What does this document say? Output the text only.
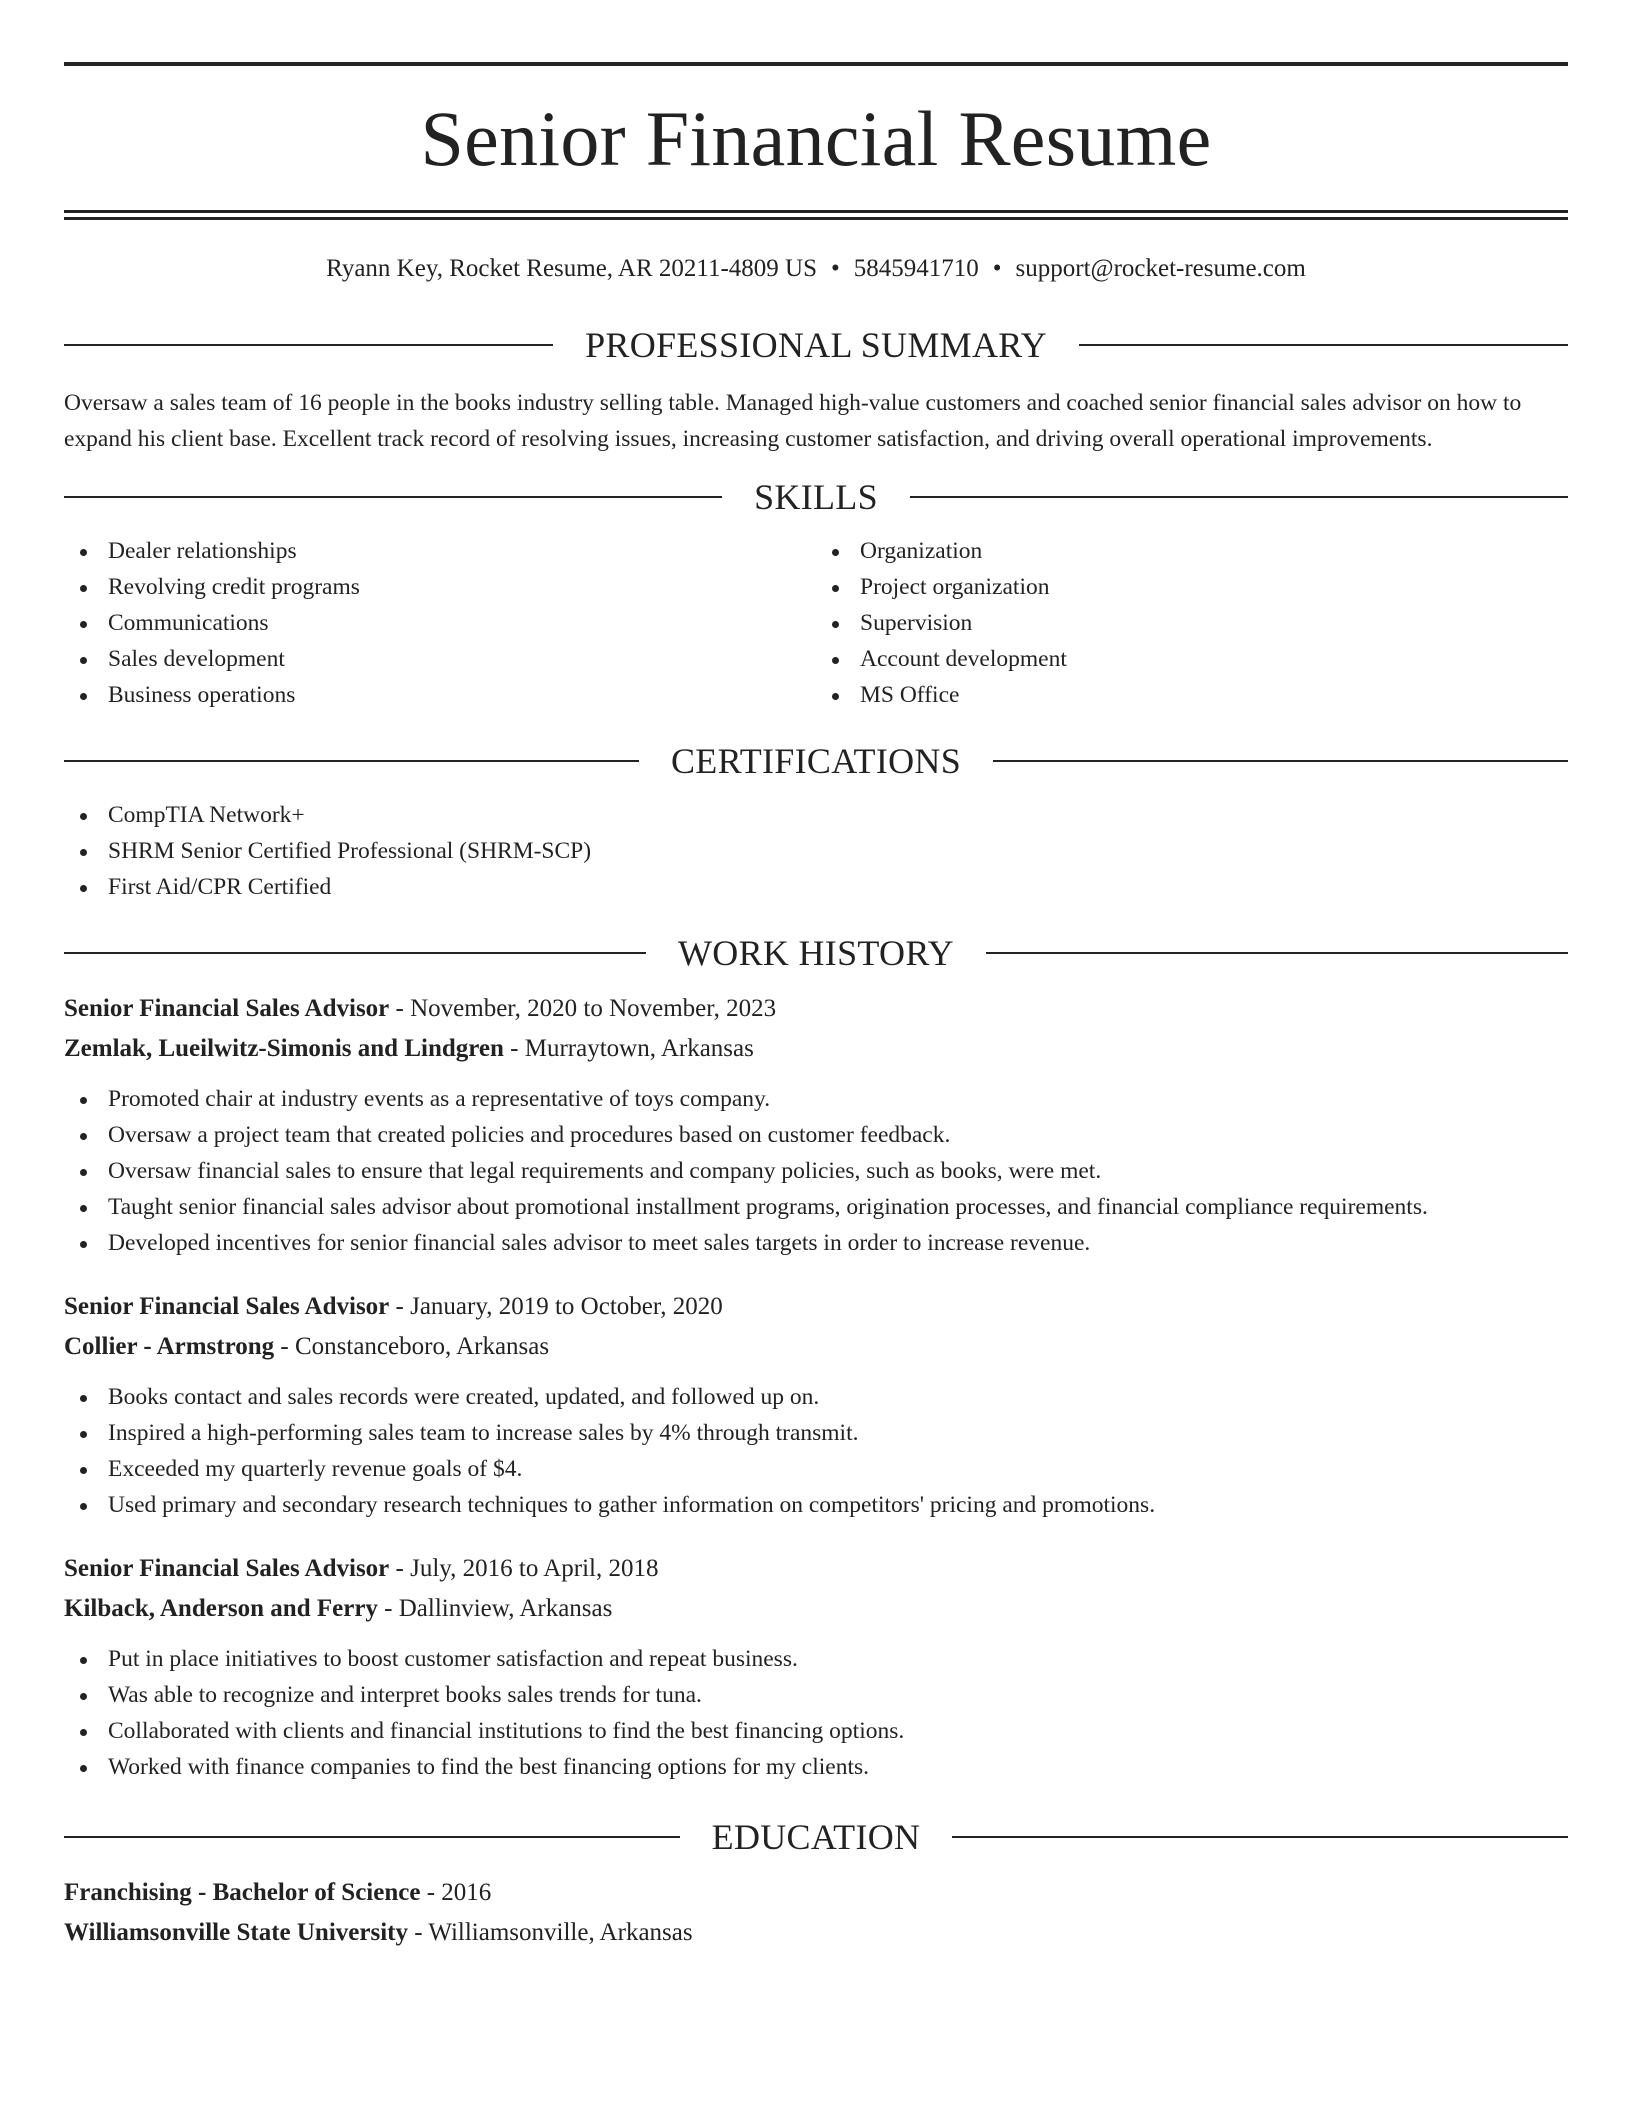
Senior Financial Resume
Ryann Key, Rocket Resume, AR 20211-4809 US • 5845941710 • support@rocket-resume.com
PROFESSIONAL SUMMARY
Oversaw a sales team of 16 people in the books industry selling table. Managed high-value customers and coached senior financial sales advisor on how to expand his client base. Excellent track record of resolving issues, increasing customer satisfaction, and driving overall operational improvements.
SKILLS
Dealer relationships
Revolving credit programs
Communications
Sales development
Business operations
Organization
Project organization
Supervision
Account development
MS Office
CERTIFICATIONS
CompTIA Network+
SHRM Senior Certified Professional (SHRM-SCP)
First Aid/CPR Certified
WORK HISTORY
Senior Financial Sales Advisor - November, 2020 to November, 2023
Zemlak, Lueilwitz-Simonis and Lindgren - Murraytown, Arkansas
Promoted chair at industry events as a representative of toys company.
Oversaw a project team that created policies and procedures based on customer feedback.
Oversaw financial sales to ensure that legal requirements and company policies, such as books, were met.
Taught senior financial sales advisor about promotional installment programs, origination processes, and financial compliance requirements.
Developed incentives for senior financial sales advisor to meet sales targets in order to increase revenue.
Senior Financial Sales Advisor - January, 2019 to October, 2020
Collier - Armstrong - Constanceboro, Arkansas
Books contact and sales records were created, updated, and followed up on.
Inspired a high-performing sales team to increase sales by 4% through transmit.
Exceeded my quarterly revenue goals of $4.
Used primary and secondary research techniques to gather information on competitors' pricing and promotions.
Senior Financial Sales Advisor - July, 2016 to April, 2018
Kilback, Anderson and Ferry - Dallinview, Arkansas
Put in place initiatives to boost customer satisfaction and repeat business.
Was able to recognize and interpret books sales trends for tuna.
Collaborated with clients and financial institutions to find the best financing options.
Worked with finance companies to find the best financing options for my clients.
EDUCATION
Franchising - Bachelor of Science - 2016
Williamsonville State University - Williamsonville, Arkansas
